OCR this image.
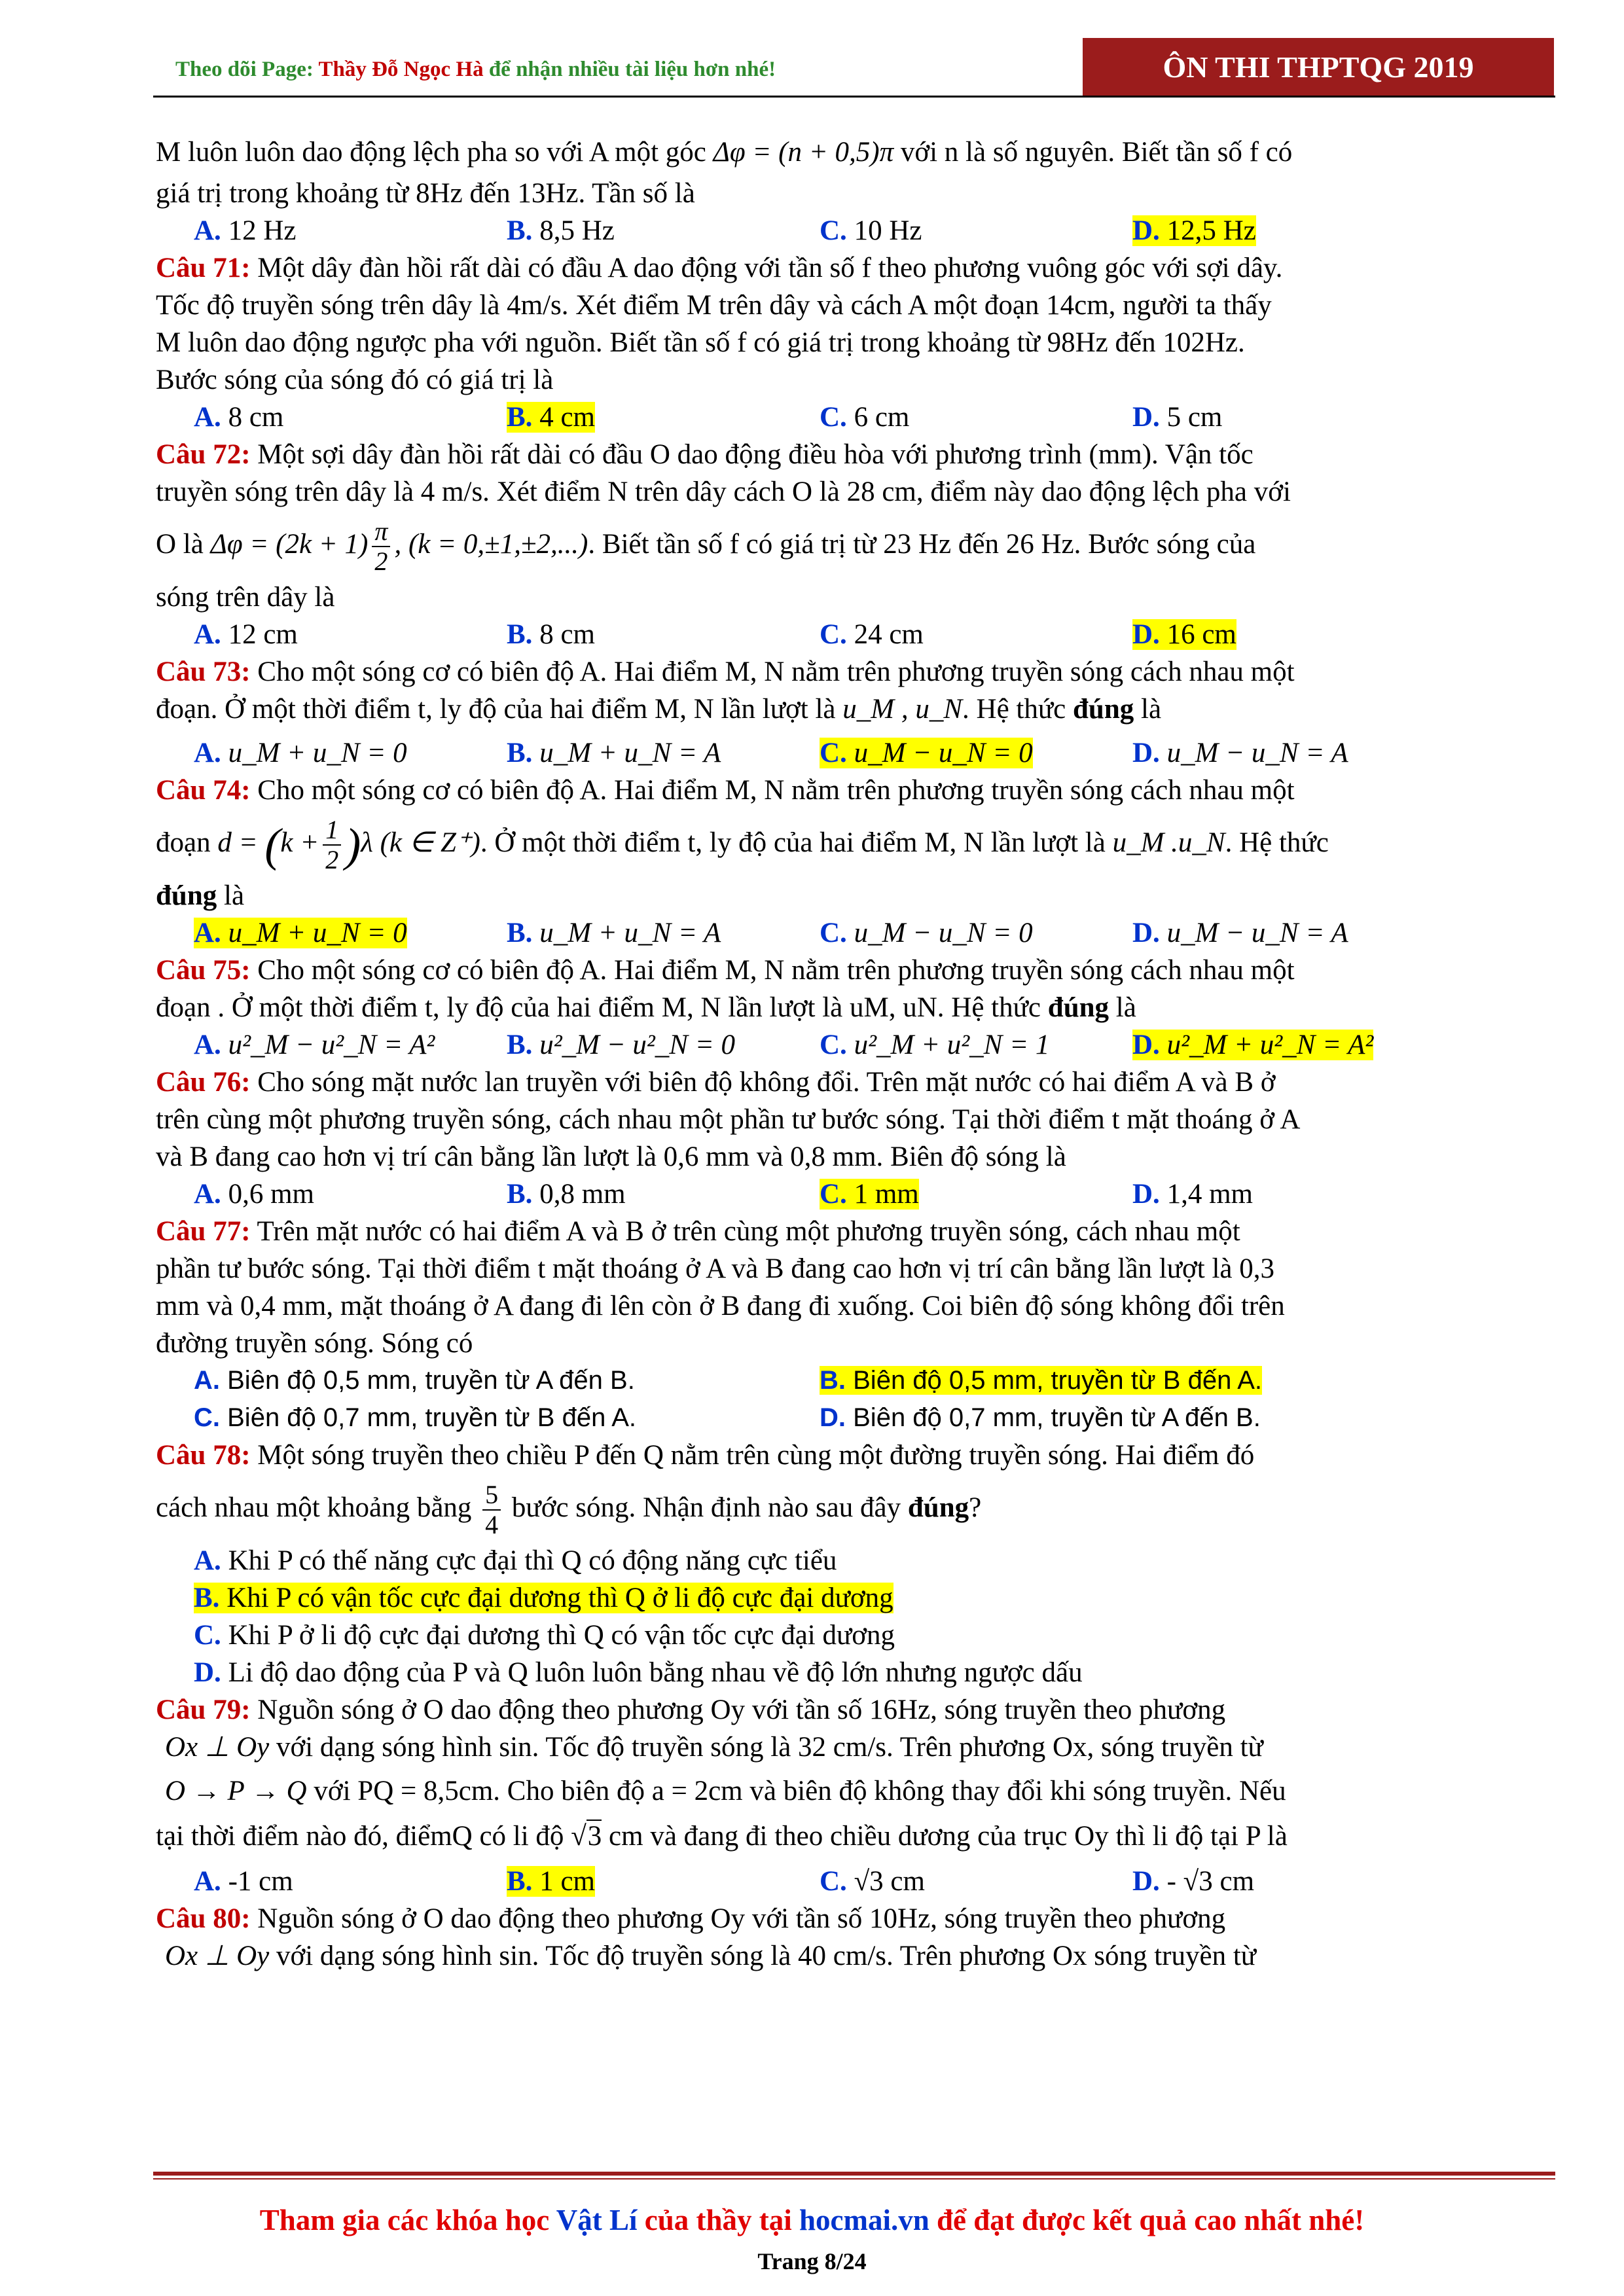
Theo dõi Page: Thầy Đỗ Ngọc Hà để nhận nhiều tài liệu hơn nhé!	ÔN THI THPTQG 2019

M luôn luôn dao động lệch pha so với A một góc Δφ = (n + 0,5)π với n là số nguyên. Biết tần số f có

giá trị trong khoảng từ 8Hz đến 13Hz. Tần số là

A. 12 Hz	B. 8,5 Hz	C. 10 Hz	D. 12,5 Hz

Câu 71: Một dây đàn hồi rất dài có đầu A dao động với tần số f theo phương vuông góc với sợi dây.

Tốc độ truyền sóng trên dây là 4m/s. Xét điểm M trên dây và cách A một đoạn 14cm, người ta thấy

M luôn dao động ngược pha với nguồn. Biết tần số f có giá trị trong khoảng từ 98Hz đến 102Hz.

Bước sóng của sóng đó có giá trị là

A. 8 cm	B. 4 cm	C. 6 cm	D. 5 cm

Câu 72: Một sợi dây đàn hồi rất dài có đầu O dao động điều hòa với phương trình (mm). Vận tốc

truyền sóng trên dây là 4 m/s. Xét điểm N trên dây cách O là 28 cm, điểm này dao động lệch pha với

O là $\Delta\varphi = (2k + 1) \frac{\pi}{2}$ , (k = 0,±1,±2,...). Biết tần số f có giá trị từ 23 Hz đến 26 Hz. Bước sóng của

sóng trên dây là

A. 12 cm	B. 8 cm	C. 24 cm	D. 16 cm

Câu 73: Cho một sóng cơ có biên độ A. Hai điểm M, N nằm trên phương truyền sóng cách nhau một

đoạn. Ở một thời điểm t, ly độ của hai điểm M, N lần lượt là u_M , u_N. Hệ thức đúng là

A. u_M + u_N = 0	B. u_M + u_N = A	C. u_M − u_N = 0	D. u_M − u_N = A

Câu 74: Cho một sóng cơ có biên độ A. Hai điểm M, N nằm trên phương truyền sóng cách nhau một

đoạn $d = (k + \frac{1}{2} )\lambda$ (k ∈ Z⁺). Ở một thời điểm t, ly độ của hai điểm M, N lần lượt là u_M .u_N. Hệ thức

đúng là

A. u_M + u_N = 0	B. u_M + u_N = A	C. u_M − u_N = 0	D. u_M − u_N = A

Câu 75: Cho một sóng cơ có biên độ A. Hai điểm M, N nằm trên phương truyền sóng cách nhau một

đoạn . Ở một thời điểm t, ly độ của hai điểm M, N lần lượt là uM, uN. Hệ thức đúng là

A. u²_M − u²_N = A²	B. u²_M − u²_N = 0	C. u²_M + u²_N = 1	D. u²_M + u²_N = A²

Câu 76: Cho sóng mặt nước lan truyền với biên độ không đổi. Trên mặt nước có hai điểm A và B ở

trên cùng một phương truyền sóng, cách nhau một phần tư bước sóng. Tại thời điểm t mặt thoáng ở A

và B đang cao hơn vị trí cân bằng lần lượt là 0,6 mm và 0,8 mm. Biên độ sóng là

A. 0,6 mm	B. 0,8 mm	C. 1 mm	D. 1,4 mm

Câu 77: Trên mặt nước có hai điểm A và B ở trên cùng một phương truyền sóng, cách nhau một

phần tư bước sóng. Tại thời điểm t mặt thoáng ở A và B đang cao hơn vị trí cân bằng lần lượt là 0,3

mm và 0,4 mm, mặt thoáng ở A đang đi lên còn ở B đang đi xuống. Coi biên độ sóng không đổi trên

đường truyền sóng. Sóng có

A. Biên độ 0,5 mm, truyền từ A đến B.	B. Biên độ 0,5 mm, truyền từ B đến A.
C. Biên độ 0,7 mm, truyền từ B đến A.	D. Biên độ 0,7 mm, truyền từ A đến B.

Câu 78: Một sóng truyền theo chiều P đến Q nằm trên cùng một đường truyền sóng. Hai điểm đó

cách nhau một khoảng bằng $\frac{5}{4}$ bước sóng. Nhận định nào sau đây đúng?

A. Khi P có thế năng cực đại thì Q có động năng cực tiểu

B. Khi P có vận tốc cực đại dương thì Q ở li độ cực đại dương

C. Khi P ở li độ cực đại dương thì Q có vận tốc cực đại dương

D. Li độ dao động của P và Q luôn luôn bằng nhau về độ lớn nhưng ngược dấu

Câu 79: Nguồn sóng ở O dao động theo phương Oy với tần số 16Hz, sóng truyền theo phương

Ox ⊥ Oy với dạng sóng hình sin. Tốc độ truyền sóng là 32 cm/s. Trên phương Ox, sóng truyền từ

O → P → Q với PQ = 8,5cm. Cho biên độ a = 2cm và biên độ không thay đổi khi sóng truyền. Nếu

tại thời điểm nào đó, điểmQ có li độ √3 cm và đang đi theo chiều dương của trục Oy thì li độ tại P là

A. -1 cm	B. 1 cm	C. √3 cm	D. - √3 cm

Câu 80: Nguồn sóng ở O dao động theo phương Oy với tần số 10Hz, sóng truyền theo phương

Ox ⊥ Oy với dạng sóng hình sin. Tốc độ truyền sóng là 40 cm/s. Trên phương Ox sóng truyền từ

Tham gia các khóa học Vật Lí của thầy tại hocmai.vn để đạt được kết quả cao nhất nhé!
Trang 8/24
